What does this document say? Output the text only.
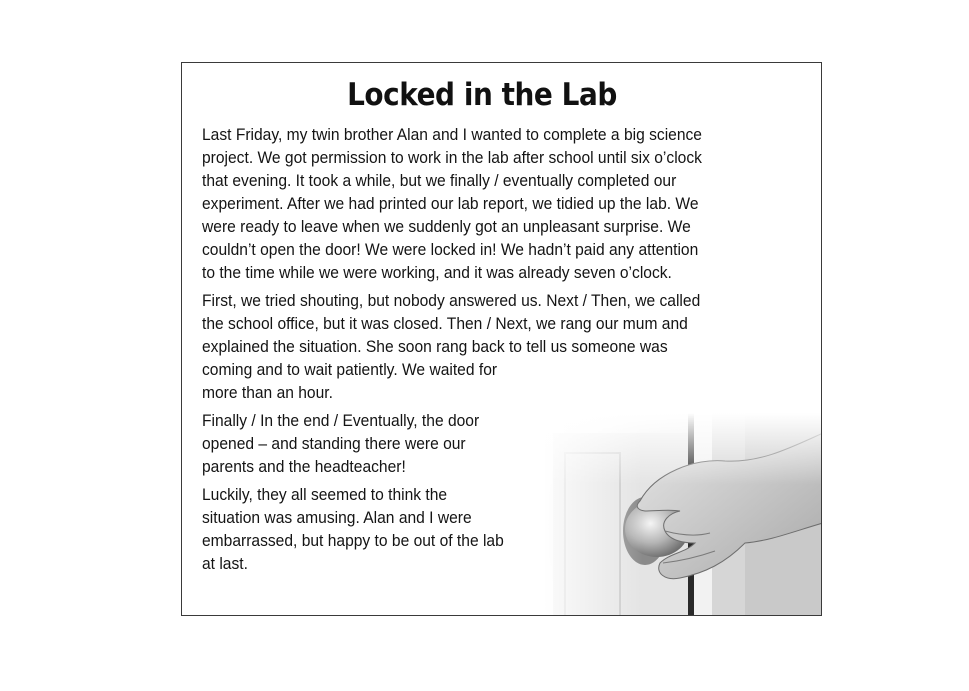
Locked in the Lab

Last Friday, my twin brother Alan and I wanted to complete a big science
project. We got permission to work in the lab after school until six o’clock
that evening. It took a while, but we finally / eventually completed our
experiment. After we had printed our lab report, we tidied up the lab. We
were ready to leave when we suddenly got an unpleasant surprise. We
couldn’t open the door! We were locked in! We hadn’t paid any attention
to the time while we were working, and it was already seven o’clock.

First, we tried shouting, but nobody answered us. Next / Then, we called
the school office, but it was closed. Then / Next, we rang our mum and
explained the situation. She soon rang back to tell us someone was
coming and to wait patiently. We waited for
more than an hour.

Finally / In the end / Eventually, the door
opened – and standing there were our
parents and the headteacher!

Luckily, they all seemed to think the
situation was amusing. Alan and I were
embarrassed, but happy to be out of the lab
at last.
